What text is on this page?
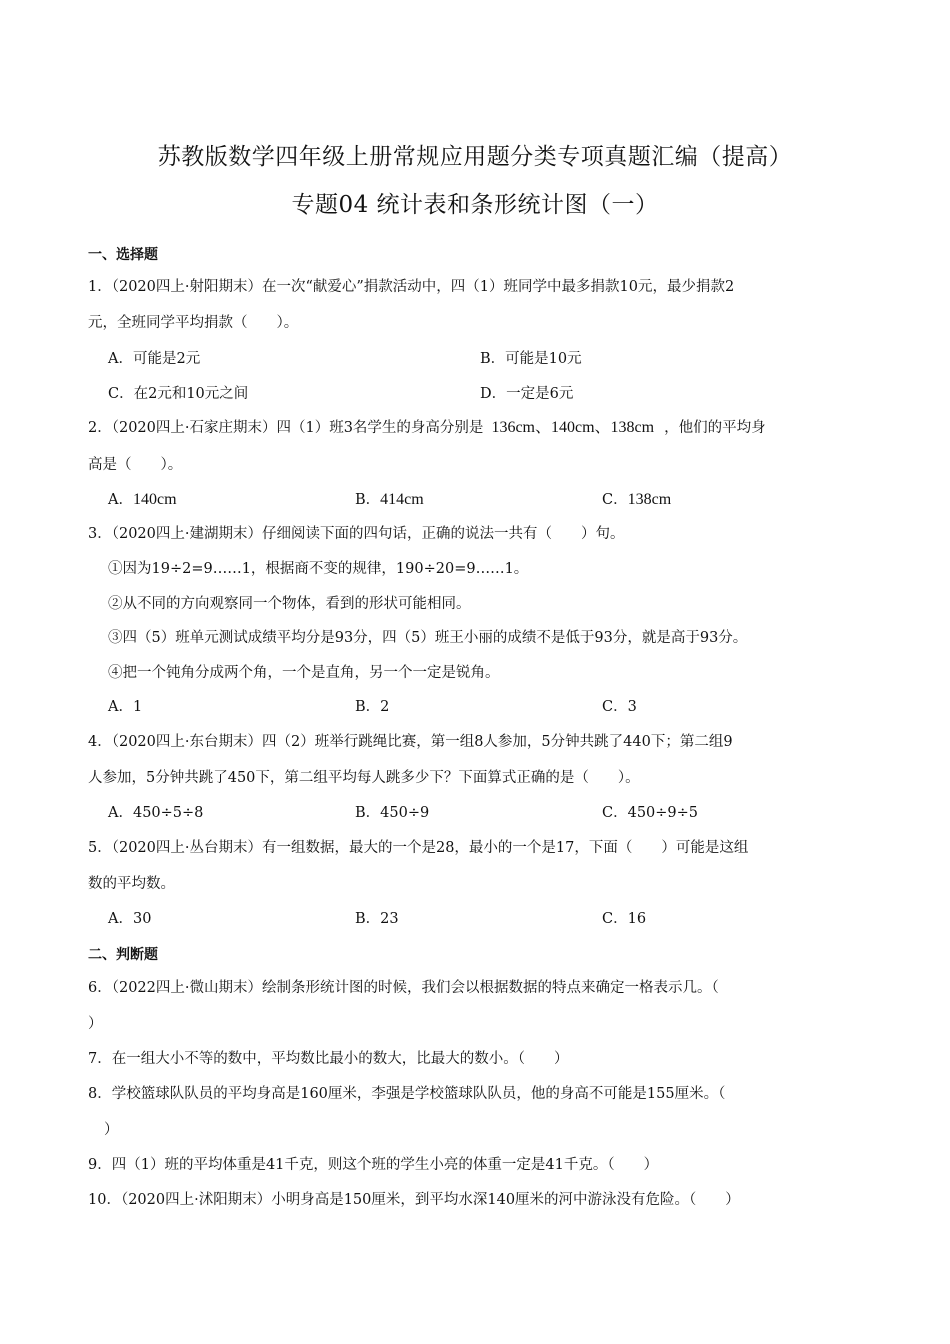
苏教版数学四年级上册常规应用题分类专项真题汇编（提高）
专题04 统计表和条形统计图（一）
一、选择题
1．（2020四上·射阳期末）在一次“献爱心”捐款活动中，四（1）班同学中最多捐款10元，最少捐款2
元，全班同学平均捐款（　　）。
A．可能是2元	B．可能是10元
C．在2元和10元之间	D．一定是6元
2．（2020四上·石家庄期末）四（1）班3名学生的身高分别是 136cm、140cm、138cm ，他们的平均身
高是（　　）。
A．140cm	B．414cm	C．138cm
3．（2020四上·建湖期末）仔细阅读下面的四句话，正确的说法一共有（　　）句。
①因为19÷2=9……1，根据商不变的规律，190÷20=9……1。
②从不同的方向观察同一个物体，看到的形状可能相同。
③四（5）班单元测试成绩平均分是93分，四（5）班王小丽的成绩不是低于93分，就是高于93分。
④把一个钝角分成两个角，一个是直角，另一个一定是锐角。
A．1	B．2	C．3
4．（2020四上·东台期末）四（2）班举行跳绳比赛，第一组8人参加，5分钟共跳了440下；第二组9
人参加，5分钟共跳了450下，第二组平均每人跳多少下？下面算式正确的是（　　）。
A．450÷5÷8	B．450÷9	C．450÷9÷5
5．（2020四上·丛台期末）有一组数据，最大的一个是28，最小的一个是17，下面（　　）可能是这组
数的平均数。
A．30	B．23	C．16
二、判断题
6．（2022四上·微山期末）绘制条形统计图的时候，我们会以根据数据的特点来确定一格表示几。（
）
7．在一组大小不等的数中，平均数比最小的数大，比最大的数小。（　　）
8．学校篮球队队员的平均身高是160厘米，李强是学校篮球队队员，他的身高不可能是155厘米。（
）
9．四（1）班的平均体重是41千克，则这个班的学生小亮的体重一定是41千克。（　　）
10．（2020四上·沭阳期末）小明身高是150厘米，到平均水深140厘米的河中游泳没有危险。（　　）
